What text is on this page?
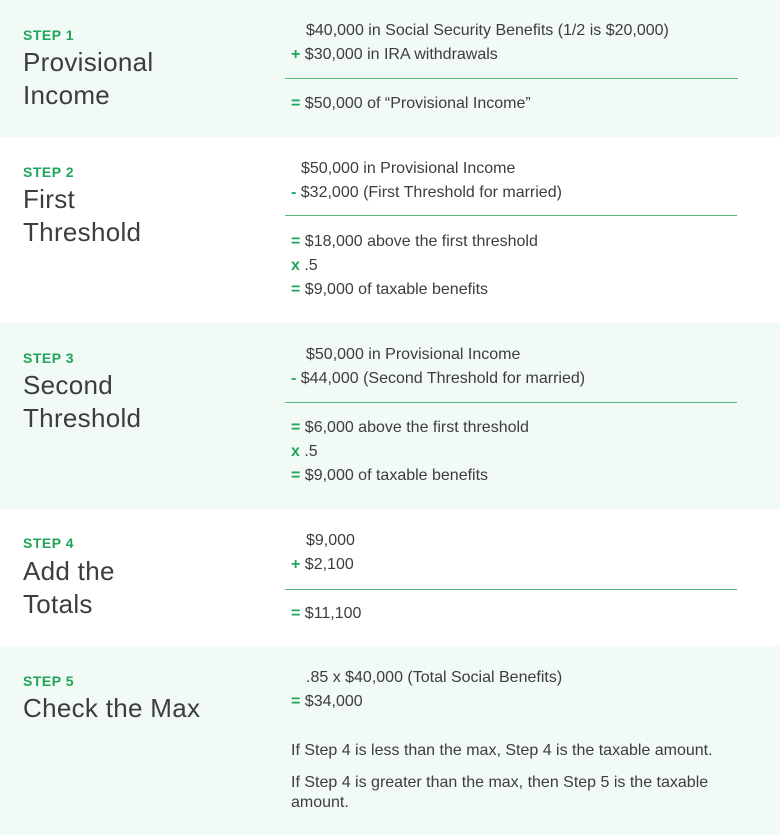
STEP 1
Provisional
Income
$40,000 in Social Security Benefits (1/2 is $20,000)
+ $30,000 in IRA withdrawals
= $50,000 of “Provisional Income”
STEP 2
First
Threshold
$50,000 in Provisional Income
- $32,000 (First Threshold for married)
= $18,000 above the first threshold
x .5
= $9,000 of taxable benefits
STEP 3
Second
Threshold
$50,000 in Provisional Income
- $44,000 (Second Threshold for married)
= $6,000 above the first threshold
x .5
= $9,000 of taxable benefits
STEP 4
Add the
Totals
$9,000
+ $2,100
= $11,100
STEP 5
Check the Max
.85 x $40,000 (Total Social Benefits)
= $34,000
If Step 4 is less than the max, Step 4 is the taxable amount.
If Step 4 is greater than the max, then Step 5 is the taxable amount.
